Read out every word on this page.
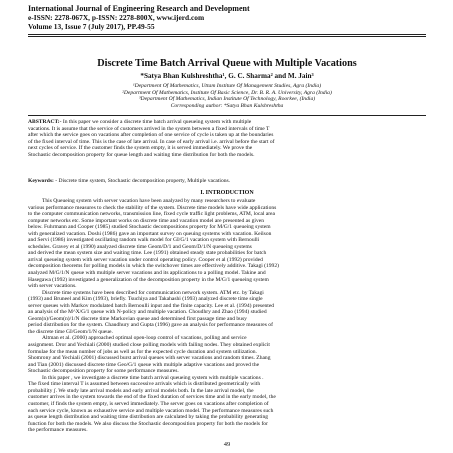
International Journal of Engineering Research and Development
e-ISSN: 2278-067X, p-ISSN: 2278-800X, www.ijerd.com
Volume 13, Issue 7 (July 2017), PP.49-55
Discrete Time Batch Arrival Queue with Multiple Vacations
*Satya Bhan Kulshreshtha¹, G. C. Sharma² and M. Jain³
¹Department Of Mathematics, Uttam Institute Of Management Studies, Agra (India)
²Department Of Mathematics, Institute Of Basic Science, Dr. B. R. A. University, Agra (India)
³Department Of Mathematics, Indian Institute Of Technology, Roorkee, (India)
Corresponding author: *Satya Bhan Kulshreshtha
ABSTRACT:- In this paper we consider a discrete time batch arrival queueing system with multiple
vacations. It is assume that the service of customers arrived in the system between a fixed intervals of time T
after which the service goes on vacations after completion of one service of cycle is taken up at the boundaries
of the fixed interval of time. This is the case of late arrival. In case of early arrival i.e. arrival before the start of
next cycles of service. If the customer finds the system empty, it is served immediately. We prove the
Stochastic decomposition property for queue length and waiting time distribution for both the models.
Keywords: - Discrete time system, Stochastic decomposition property, Multiple vacations.
I. INTRODUCTION
This Queueing system with server vacation have been analyzed by many researchers to evaluate
various performance measures to check the stability of the system. Discrete time models have wide applications
to the computer communication networks, transmission line, fixed cycle traffic light problems, ATM, local area
computer networks etc. Some important works on discrete time and vacation model are presented as given
below. Fuhrmann and Cooper (1985) studied Stochastic decompositions property for M/G/1 queueing system
with generalized vacation. Doshi (1986) gave an important survey on queuing systems with vacation. Keilson
and Servi (1986) investigated oscillating random walk model for GI/G/1 vacation system with Bernoulli
schedules. Gravey et al (1990) analyzed discrete time Geom/D/1 and Geom/D/1/N queueing systems
and derived the mean system size and waiting time. Lee (1991) obtained steady state probabilities for batch
arrival queueing system with server vacation under control operating policy. Cooper et al (1992) provided
decomposition theorems for polling models in which the switchover times are effectively additive. Takagi (1992)
analyzed M/G/1/N queue with multiple server vacations and its applications to a polling model. Takine and
Hasegawa (1992) investigated a generalization of the decomposition property in the M/G/1 queueing system
with server vacations.
Discrete time systems have been described for communication network system. ATM etc. by Takagi
(1993) and Bruneel and Kim (1993), briefly. Tsuchiya and Takahashi (1993) analyzed discrete time single
server queues with Markov modulated batch Bernoulli input and the finite capacity. Lee et al. (1994) presented
an analysis of the M^X/G/1 queue with N-policy and multiple vacation. Choudhry and Zhao (1994) studied
Geom(n)/Geom(n)/1/N discrete time Markovian queue and determined first passage time and busy
period distribution for the system. Chaudhury and Gupta (1996) gave an analysis for performance measures of
the discrete time GI/Geom/1/N queue.
Altman et al. (2000) approached optimal open-loop control of vacations, polling and service
assignment. Dror and Yechiali (2000) studied close polling models with failing nodes. They obtained explicit
formulae for the mean number of jobs as well as for the expected cycle duration and system utilization.
Shomrony and Yechiali (2001) discussed burst arrival queues with server vacations and random times. Zhang
and Tian (2001) discussed discrete time Geo/G/1 queue with multiple adaptive vacations and proved the
Stochastic decomposition property for some performance measures.
In this paper , we investigate a discrete time batch arrival queueing system with multiple vacations .
The fixed time interval T is assumed between successive arrivals which is distributed geometrically with
probability ʃ. We study late arrival models and early arrival models both. In the late arrival model, the
customer arrives in the system towards the end of the fixed duration of services time and in the early model, the
customer, if finds the system empty, is served immediately. The server goes on vacations after completion of
each service cycle, known as exhaustive service and multiple vacation model. The performance measures such
as queue length distribution and waiting time distribution are calculated by taking the probability generating
function for both the models. We also discuss the Stochastic decomposition property for both the models for
the performance measures.
49
